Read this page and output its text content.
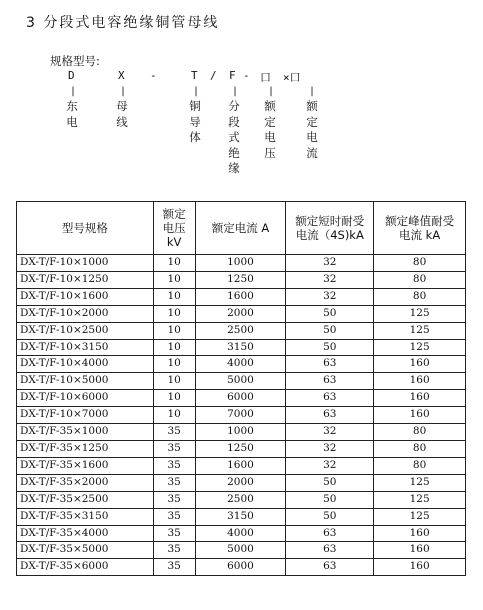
3 分段式电容绝缘铜管母线
规格型号:
D	X -	T / F - 口 ×口
|	|	|	|	|	|
东电
母线
铜导体
分段式绝缘
额定电压
额定电流
型号规格	额定电压kV	额定电流 A	额定短时耐受电流（4S)kA	额定峰值耐受电流 kA
DX-T/F-10×1000	10	1000	32	80
DX-T/F-10×1250	10	1250	32	80
DX-T/F-10×1600	10	1600	32	80
DX-T/F-10×2000	10	2000	50	125
DX-T/F-10×2500	10	2500	50	125
DX-T/F-10×3150	10	3150	50	125
DX-T/F-10×4000	10	4000	63	160
DX-T/F-10×5000	10	5000	63	160
DX-T/F-10×6000	10	6000	63	160
DX-T/F-10×7000	10	7000	63	160
DX-T/F-35×1000	35	1000	32	80
DX-T/F-35×1250	35	1250	32	80
DX-T/F-35×1600	35	1600	32	80
DX-T/F-35×2000	35	2000	50	125
DX-T/F-35×2500	35	2500	50	125
DX-T/F-35×3150	35	3150	50	125
DX-T/F-35×4000	35	4000	63	160
DX-T/F-35×5000	35	5000	63	160
DX-T/F-35×6000	35	6000	63	160
